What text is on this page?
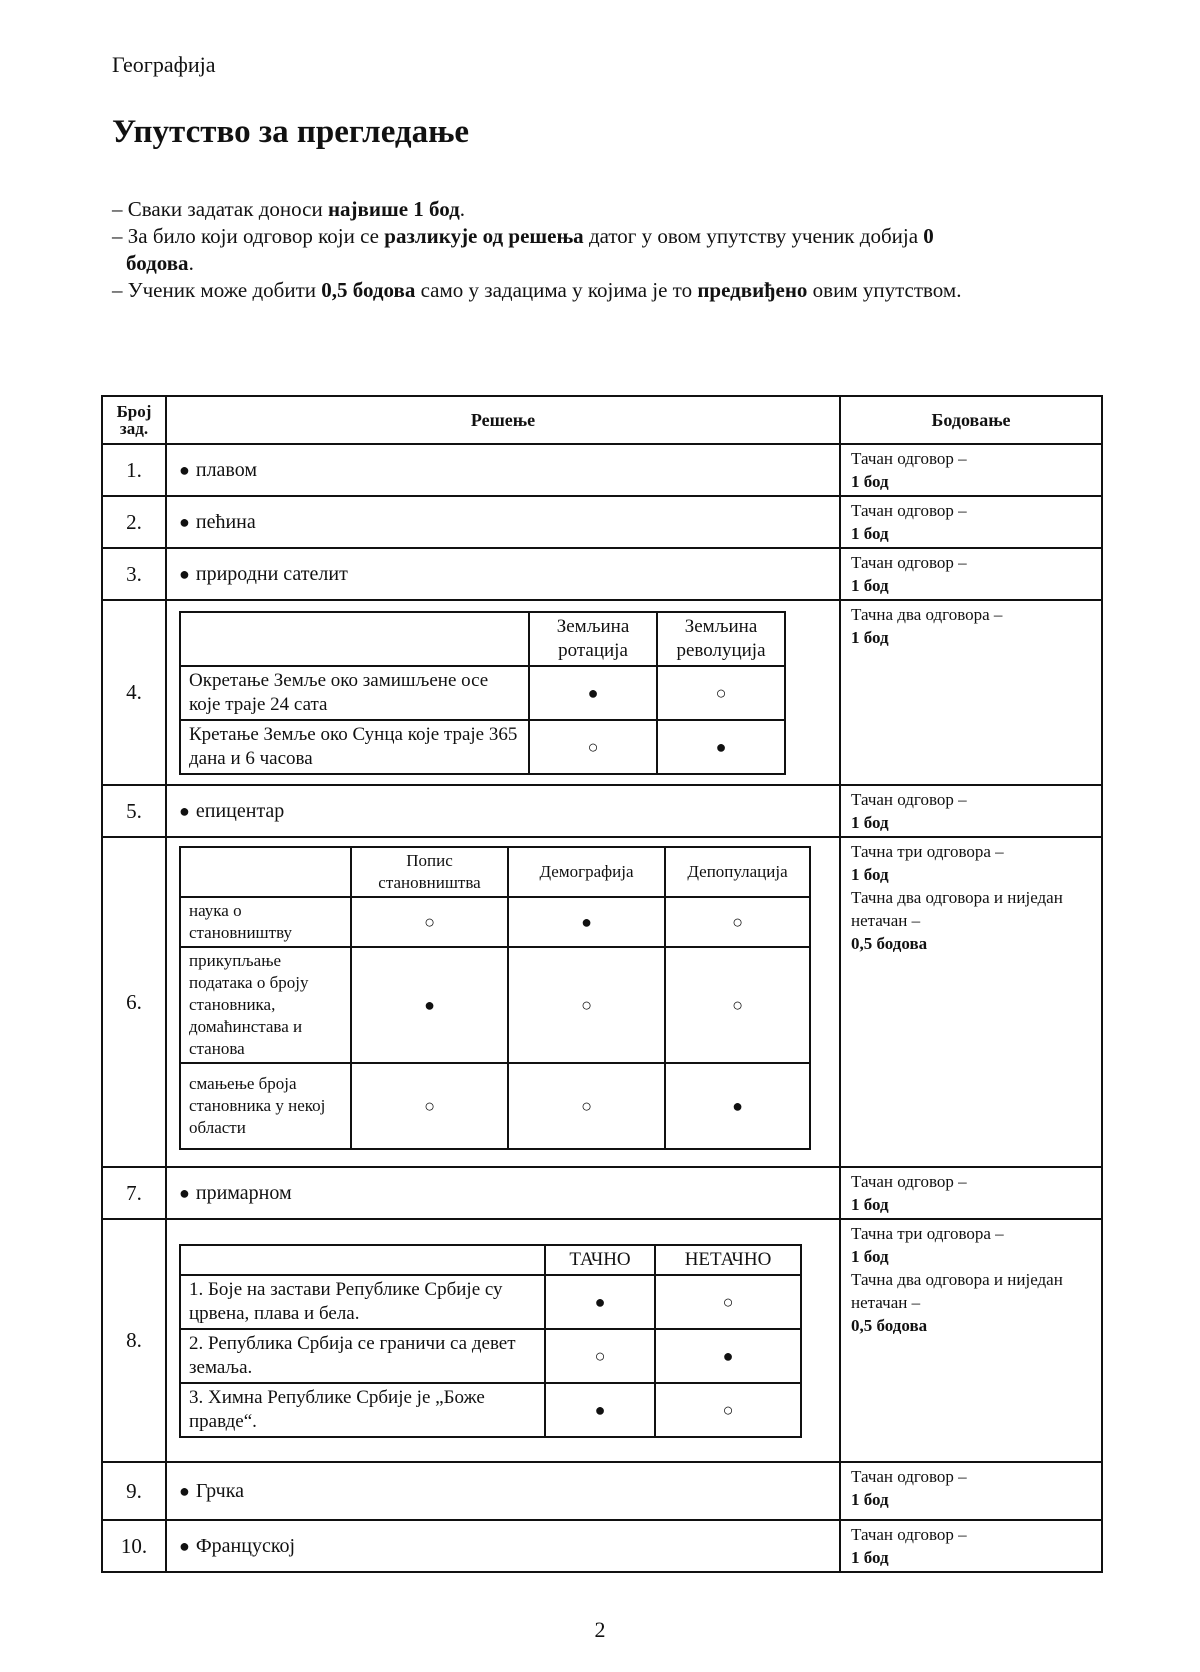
Географија
Упутство за прегледање

– Сваки задатак доноси највише 1 бод.

– За било који одговор који се разликује од решења датог у овом упутству ученик добија 0 бодова.

– Ученик може добити 0,5 бодова само у задацима у којима је то предвиђено овим упутством.

Број зад.	Решење	Бодовање
1.	● плавом	Тачан одговор –
1 бод

2.	● пећина	Тачан одговор –
1 бод

3.	● природни сателит	Тачан одговор –
1 бод

4.	
	Земљина ротација	Земљина револуција
Окретање Земље око замишљене осе које траје 24 сата	●	○
Кретање Земље око Сунца које траје 365 дана и 6 часова	○	●

Тачна два одговора –
1 бод

5.	● епицентар	Тачан одговор –
1 бод

6.	
	Попис становништва	Демографија	Депопулација
наука о становништву	○	●	○
прикупљање података о броју становника, домаћинстава и станова	●	○	○
смањење броја становника у некој области	○	○	●

Тачна три одговора –
1 бод
Тачна два одговора и ниједан нетачан –
0,5 бодова

7.	● примарном	Тачан одговор –
1 бод

8.	
	ТАЧНО	НЕТАЧНО
1. Боје на застави Републике Србије су црвена, плава и бела.	●	○
2. Република Србија се граничи са девет земаља.	○	●
3. Химна Републике Србије је „Боже правде“.	●	○

Тачна три одговора –
1 бод
Тачна два одговора и ниједан нетачан –
0,5 бодова

9.	● Грчка	
Тачан одговор –
1 бод

10.	● Француској	Тачан одговор –
1 бод
2
